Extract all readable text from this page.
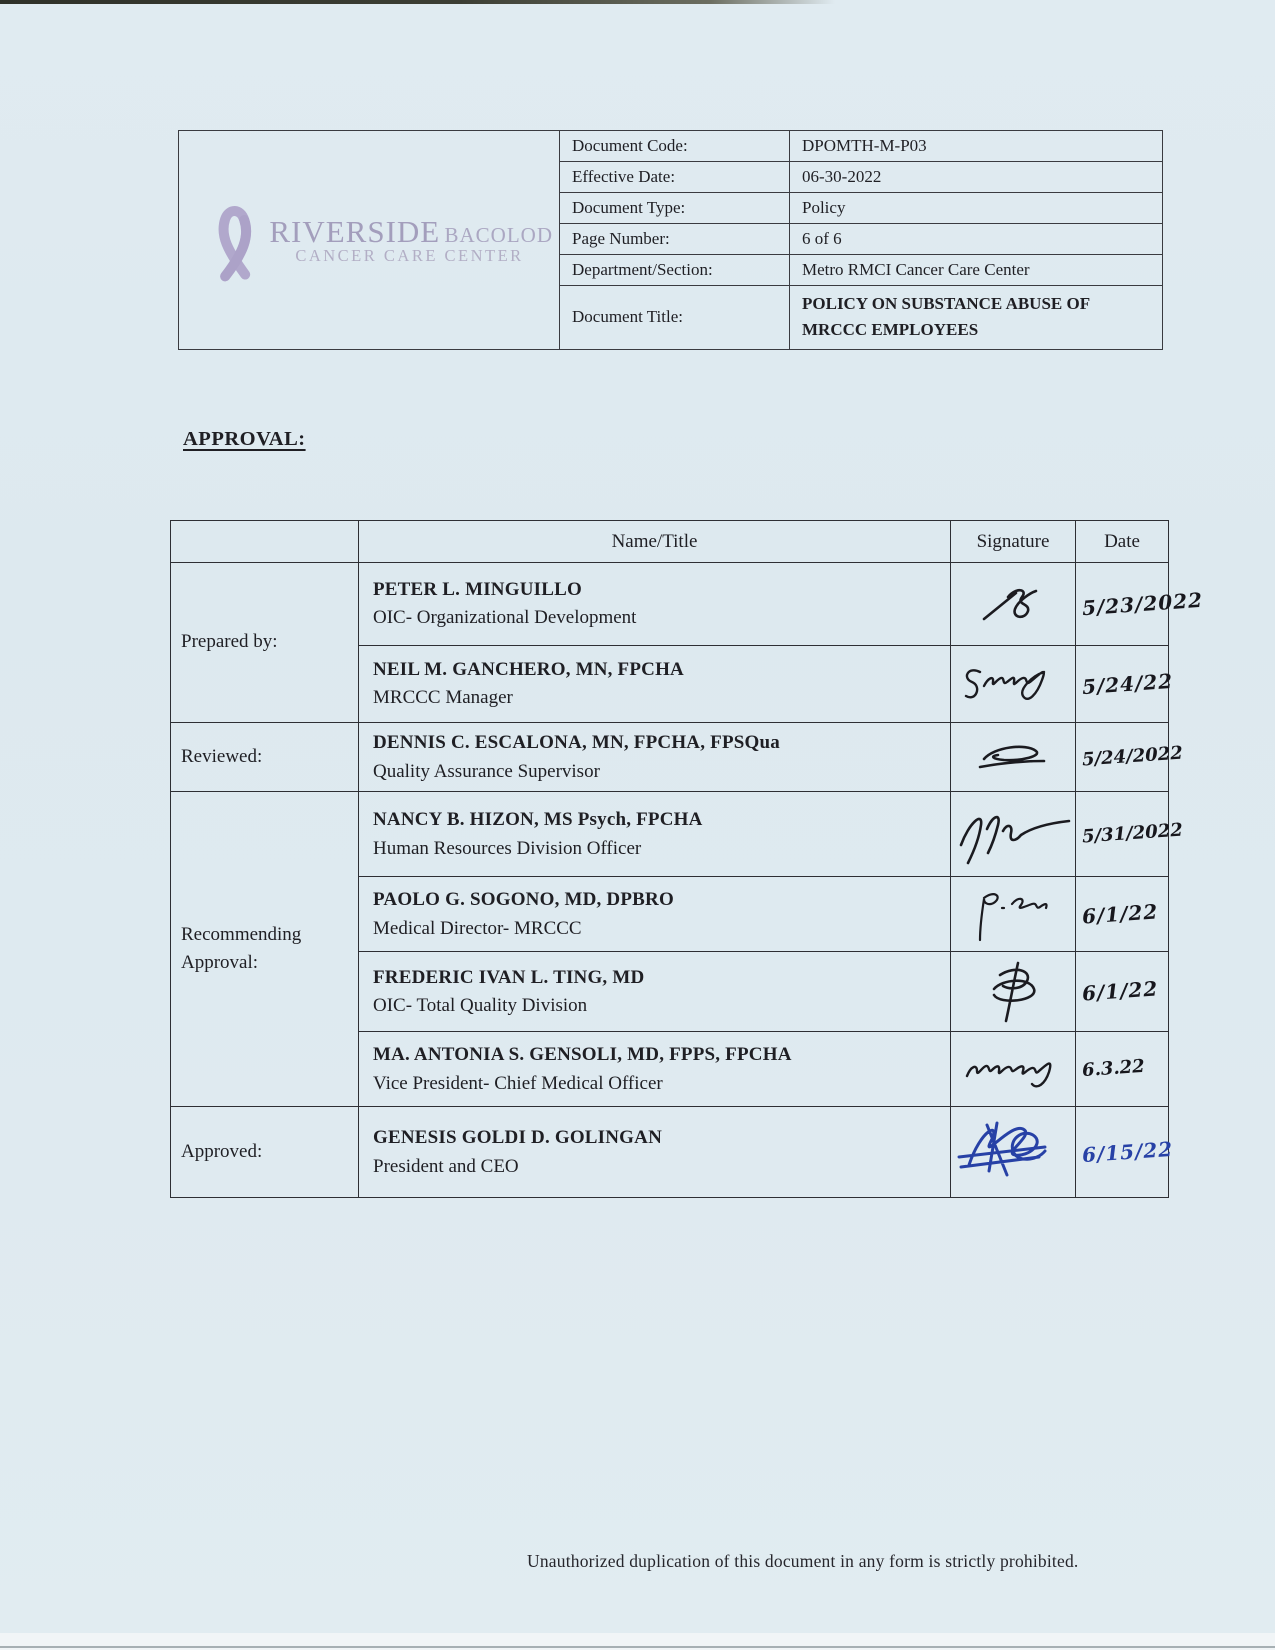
RIVERSIDE BACOLOD
CANCER CARE CENTER	Document Code:	DPOMTH-M-P03
	Effective Date:	06-30-2022
	Document Type:	Policy
	Page Number:	6 of 6
	Department/Section:	Metro RMCI Cancer Care Center
	Document Title:	POLICY ON SUBSTANCE ABUSE OF MRCCC EMPLOYEES
APPROVAL:
	Name/Title	Signature	Date
Prepared by:	PETER L. MINGUILLO
OIC- Organizational Development		5/23/2022

	NEIL M. GANCHERO, MN, FPCHA
MRCCC Manager		5/24/22
Reviewed:	DENNIS C. ESCALONA, MN, FPCHA, FPSQua
Quality Assurance Supervisor		5/24/2022
Recommending Approval:	NANCY B. HIZON, MS Psych, FPCHA
Human Resources Division Officer		5/31/2022

	PAOLO G. SOGONO, MD, DPBRO
Medical Director- MRCCC		6/1/22

	FREDERIC IVAN L. TING, MD
OIC- Total Quality Division		6/1/22

	MA. ANTONIA S. GENSOLI, MD, FPPS, FPCHA
Vice President- Chief Medical Officer		6.3.22
Approved:	GENESIS GOLDI D. GOLINGAN
President and CEO		6/15/22
Unauthorized duplication of this document in any form is strictly prohibited.
